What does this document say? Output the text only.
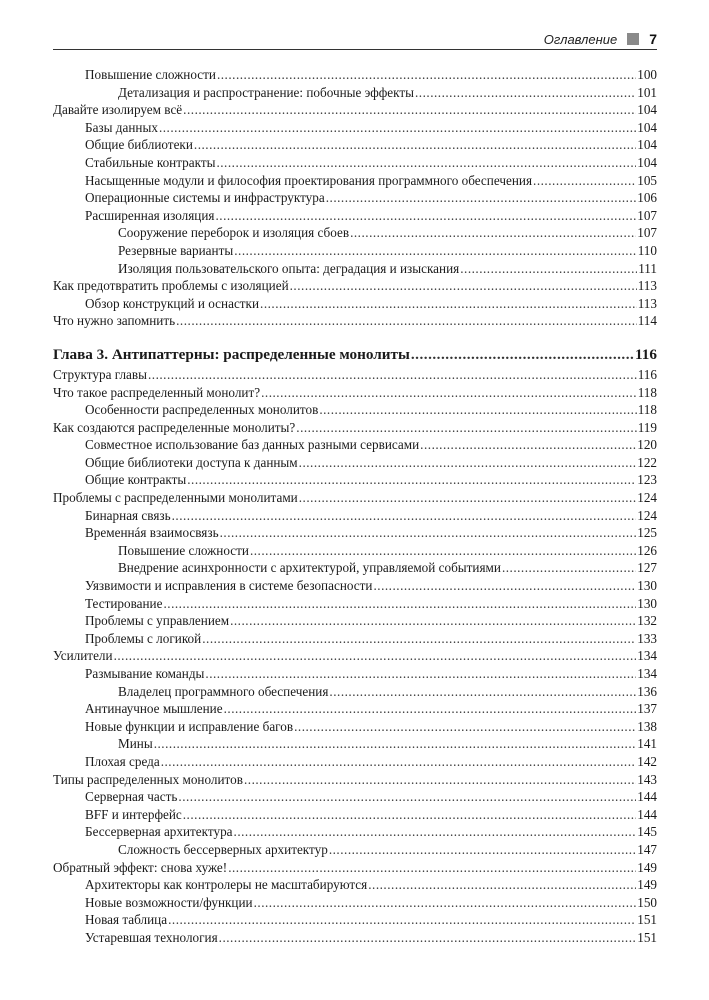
Оглавление 7
Повышение сложности .....	100
Детализация и распространение: побочные эффекты .....	101
Давайте изолируем всё .....	104
Базы данных .....	104
Общие библиотеки .....	104
Стабильные контракты .....	104
Насыщенные модули и философия проектирования программного обеспечения .....	105
Операционные системы и инфраструктура .....	106
Расширенная изоляция .....	107
Сооружение переборок и изоляция сбоев .....	107
Резервные варианты .....	110
Изоляция пользовательского опыта: деградация и изыскания .....	111
Как предотвратить проблемы с изоляцией .....	113
Обзор конструкций и оснастки .....	113
Что нужно запомнить .....	114
Глава 3. Антипаттерны: распределенные монолиты .....	116
Структура главы .....	116
Что такое распределенный монолит? .....	118
Особенности распределенных монолитов .....	118
Как создаются распределенные монолиты? .....	119
Совместное использование баз данных разными сервисами .....	120
Общие библиотеки доступа к данным .....	122
Общие контракты .....	123
Проблемы с распределенными монолитами .....	124
Бинарная связь .....	124
Временнáя взаимосвязь .....	125
Повышение сложности .....	126
Внедрение асинхронности с архитектурой, управляемой событиями .....	127
Уязвимости и исправления в системе безопасности .....	130
Тестирование .....	130
Проблемы с управлением .....	132
Проблемы с логикой .....	133
Усилители .....	134
Размывание команды .....	134
Владелец программного обеспечения .....	136
Антинаучное мышление .....	137
Новые функции и исправление багов .....	138
Мины .....	141
Плохая среда .....	142
Типы распределенных монолитов .....	143
Серверная часть .....	144
BFF и интерфейс .....	144
Бессерверная архитектура .....	145
Сложность бессерверных архитектур .....	147
Обратный эффект: снова хуже! .....	149
Архитекторы как контролеры не масштабируются .....	149
Новые возможности/функции .....	150
Новая таблица .....	151
Устаревшая технология .....	151
